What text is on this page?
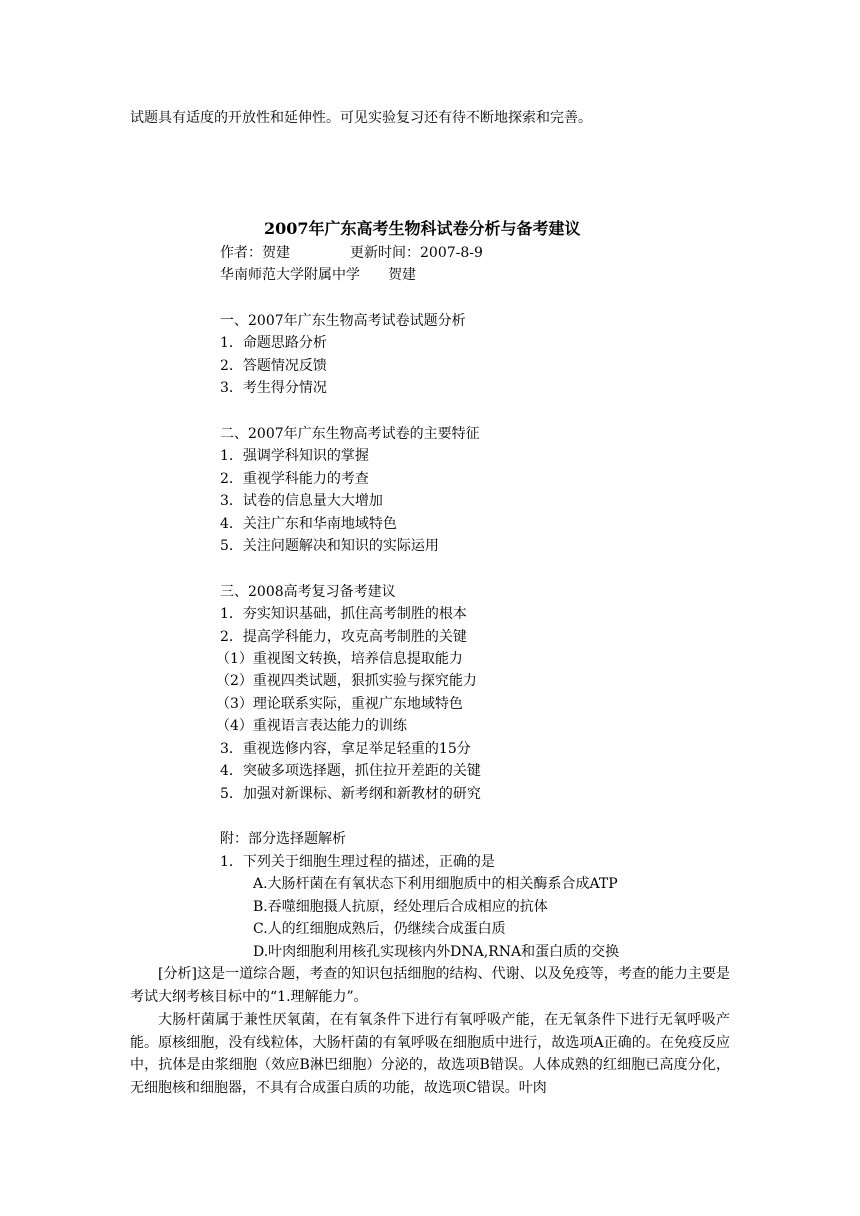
试题具有适度的开放性和延伸性。可见实验复习还有待不断地探索和完善。
2007年广东高考生物科试卷分析与备考建议
作者：贺建	更新时间：2007-8-9
华南师范大学附属中学　　贺建
一、2007年广东生物高考试卷试题分析
1．命题思路分析
2．答题情况反馈
3．考生得分情况
二、2007年广东生物高考试卷的主要特征
1．强调学科知识的掌握
2．重视学科能力的考查
3．试卷的信息量大大增加
4．关注广东和华南地域特色
5．关注问题解决和知识的实际运用
三、2008高考复习备考建议
1．夯实知识基础，抓住高考制胜的根本
2．提高学科能力，攻克高考制胜的关键
（1）重视图文转换，培养信息提取能力
（2）重视四类试题，狠抓实验与探究能力
（3）理论联系实际，重视广东地域特色
（4）重视语言表达能力的训练
3．重视选修内容，拿足举足轻重的15分
4．突破多项选择题，抓住拉开差距的关键
5．加强对新课标、新考纲和新教材的研究
附：部分选择题解析
1．下列关于细胞生理过程的描述，正确的是
A.大肠杆菌在有氧状态下利用细胞质中的相关酶系合成ATP
B.吞噬细胞摄人抗原，经处理后合成相应的抗体
C.人的红细胞成熟后，仍继续合成蛋白质
D.叶肉细胞利用核孔实现核内外DNA,RNA和蛋白质的交换
[分析]这是一道综合题，考查的知识包括细胞的结构、代谢、以及免疫等，考查的能力主要是考试大纲考核目标中的“1.理解能力”。
大肠杆菌属于兼性厌氧菌，在有氧条件下进行有氧呼吸产能，在无氧条件下进行无氧呼吸产能。原核细胞，没有线粒体，大肠杆菌的有氧呼吸在细胞质中进行，故选项A正确的。在免疫反应中，抗体是由浆细胞（效应B淋巴细胞）分泌的，故选项B错误。人体成熟的红细胞已高度分化，无细胞核和细胞器，不具有合成蛋白质的功能，故选项C错误。叶肉
